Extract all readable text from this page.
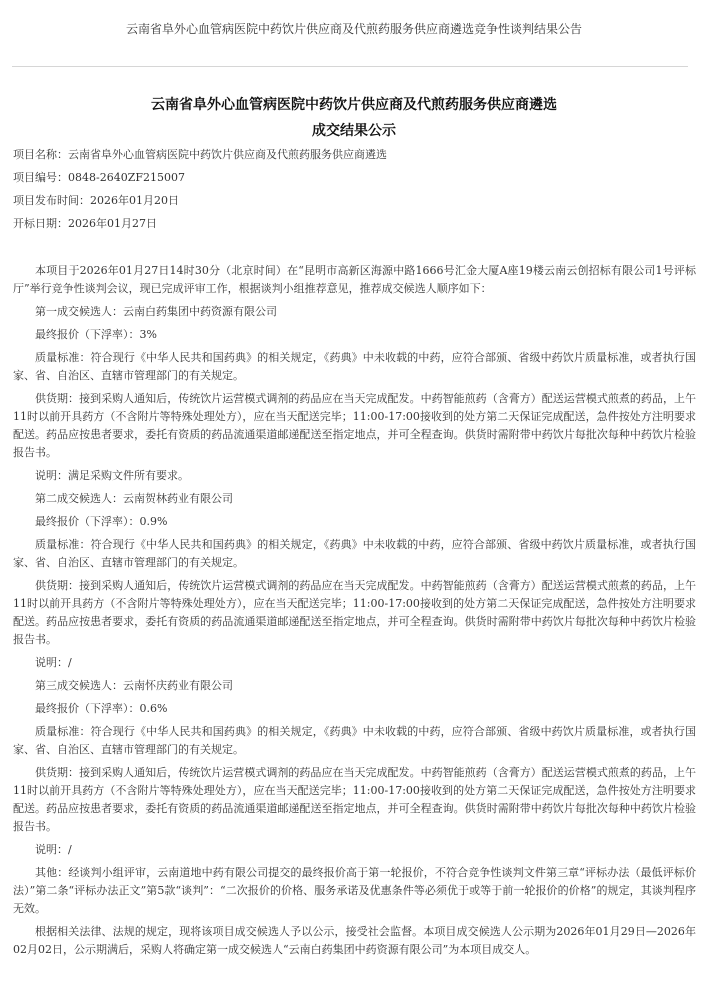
云南省阜外心血管病医院中药饮片供应商及代煎药服务供应商遴选竞争性谈判结果公告
云南省阜外心血管病医院中药饮片供应商及代煎药服务供应商遴选
成交结果公示
项目名称：云南省阜外心血管病医院中药饮片供应商及代煎药服务供应商遴选
项目编号：0848-2640ZF215007
项目发布时间：2026年01月20日
开标日期：2026年01月27日

本项目于2026年01月27日14时30分（北京时间）在“昆明市高新区海源中路1666号汇金大厦A座19楼云南云创招标有限公司1号评标厅”举行竞争性谈判会议，现已完成评审工作，根据谈判小组推荐意见，推荐成交候选人顺序如下：

第一成交候选人：云南白药集团中药资源有限公司

最终报价（下浮率）：3%

质量标准：符合现行《中华人民共和国药典》的相关规定，《药典》中未收载的中药，应符合部颁、省级中药饮片质量标准，或者执行国家、省、自治区、直辖市管理部门的有关规定。

供货期：接到采购人通知后，传统饮片运营模式调剂的药品应在当天完成配发。中药智能煎药（含膏方）配送运营模式煎煮的药品，上午11时以前开具药方（不含附片等特殊处理处方），应在当天配送完毕；11:00-17:00接收到的处方第二天保证完成配送，急件按处方注明要求配送。药品应按患者要求，委托有资质的药品流通渠道邮递配送至指定地点，并可全程查询。供货时需附带中药饮片每批次每种中药饮片检验报告书。

说明：满足采购文件所有要求。

第二成交候选人：云南贺林药业有限公司

最终报价（下浮率）：0.9%

质量标准：符合现行《中华人民共和国药典》的相关规定，《药典》中未收载的中药，应符合部颁、省级中药饮片质量标准，或者执行国家、省、自治区、直辖市管理部门的有关规定。

供货期：接到采购人通知后，传统饮片运营模式调剂的药品应在当天完成配发。中药智能煎药（含膏方）配送运营模式煎煮的药品，上午11时以前开具药方（不含附片等特殊处理处方），应在当天配送完毕；11:00-17:00接收到的处方第二天保证完成配送，急件按处方注明要求配送。药品应按患者要求，委托有资质的药品流通渠道邮递配送至指定地点，并可全程查询。供货时需附带中药饮片每批次每种中药饮片检验报告书。

说明：/

第三成交候选人：云南怀庆药业有限公司

最终报价（下浮率）：0.6%

质量标准：符合现行《中华人民共和国药典》的相关规定，《药典》中未收载的中药，应符合部颁、省级中药饮片质量标准，或者执行国家、省、自治区、直辖市管理部门的有关规定。

供货期：接到采购人通知后，传统饮片运营模式调剂的药品应在当天完成配发。中药智能煎药（含膏方）配送运营模式煎煮的药品，上午11时以前开具药方（不含附片等特殊处理处方），应在当天配送完毕；11:00-17:00接收到的处方第二天保证完成配送，急件按处方注明要求配送。药品应按患者要求，委托有资质的药品流通渠道邮递配送至指定地点，并可全程查询。供货时需附带中药饮片每批次每种中药饮片检验报告书。

说明：/

其他：经谈判小组评审，云南道地中药有限公司提交的最终报价高于第一轮报价，不符合竞争性谈判文件第三章“评标办法（最低评标价法）”第二条“评标办法正文”第5款“谈判”：“二次报价的价格、服务承诺及优惠条件等必须优于或等于前一轮报价的价格”的规定，其谈判程序无效。

根据相关法律、法规的规定，现将该项目成交候选人予以公示，接受社会监督。本项目成交候选人公示期为2026年01月29日—2026年02月02日，公示期满后，采购人将确定第一成交候选人“云南白药集团中药资源有限公司”为本项目成交人。
